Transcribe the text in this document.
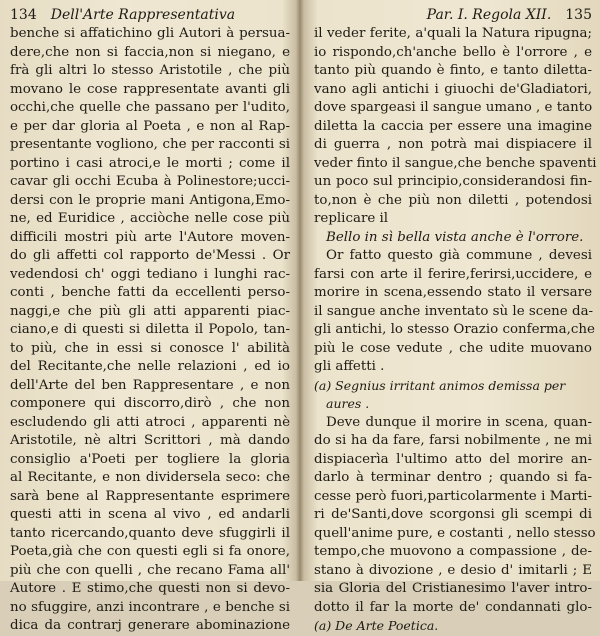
134	Dell'Arte Rappresentativa
benche si affatichino gli Autori à persua-
dere,che non si faccia,non si niegano, e
frà gli altri lo stesso Aristotile , che più
movano le cose rappresentate avanti gli
occhi,che quelle che passano per l'udito,
e per dar gloria al Poeta , e non al Rap-
presentante vogliono, che per racconti si
portino i casi atroci,e le morti ; come il
cavar gli occhi Ecuba à Polinestore;ucci-
dersi con le proprie mani Antigona,Emo-
ne, ed Euridice , acciòche nelle cose più
difficili mostri più arte l'Autore moven-
do gli affetti col rapporto de'Messi . Or
vedendosi ch' oggi tediano i lunghi rac-
conti , benche fatti da eccellenti perso-
naggi,e che più gli atti apparenti piac-
ciano,e di questi si diletta il Popolo, tan-
to più, che in essi si conosce l' abilità
del Recitante,che nelle relazioni , ed io
dell'Arte del ben Rappresentare , e non
componere qui discorro,dirò , che non
escludendo gli atti atroci , apparenti nè
Aristotile, nè altri Scrittori , mà dando
consiglio a'Poeti per togliere la gloria
al Recitante, e non dividersela seco: che
sarà bene al Rappresentante esprimere
questi atti in scena al vivo , ed andarli
tanto ricercando,quanto deve sfuggirli il
Poeta,già che con questi egli si fa onore,
più che con quelli , che recano Fama all'
Autore . E stimo,che questi non si devo-
no sfuggire, anzi incontrare , e benche si
dica da contrarj generare abominazione
Par. I. Regola XII.	135
il veder ferite, a'quali la Natura ripugna;
io rispondo,ch'anche bello è l'orrore , e
tanto più quando è finto, e tanto diletta-
vano agli antichi i giuochi de'Gladiatori,
dove spargeasi il sangue umano , e tanto
diletta la caccia per essere una imagine
di guerra , non potrà mai dispiacere il
veder finto il sangue,che benche spaventi
un poco sul principio,considerandosi fin-
to,non è che più non diletti , potendosi
replicare il
Bello in sì bella vista anche è l'orrore.
Or fatto questo già commune , devesi
farsi con arte il ferire,ferirsi,uccidere, e
morire in scena,essendo stato il versare
il sangue anche inventato sù le scene da-
gli antichi, lo stesso Orazio conferma,che
più le cose vedute , che udite muovano
gli affetti .
(a) Segnius irritant animos demissa per
aures .
Deve dunque il morire in scena, quan-
do si ha da fare, farsi nobilmente , ne mi
dispiacerìa l'ultimo atto del morire an-
darlo à terminar dentro ; quando si fa-
cesse però fuori,particolarmente i Marti-
ri de'Santi,dove scorgonsi gli scempi di
quell'anime pure, e costanti , nello stesso
tempo,che muovono a compassione , de-
stano à divozione , e desio d' imitarli ; E
sia Gloria del Cristianesimo l'aver intro-
dotto il far la morte de' condannati glo-
(a) De Arte Poetica.
